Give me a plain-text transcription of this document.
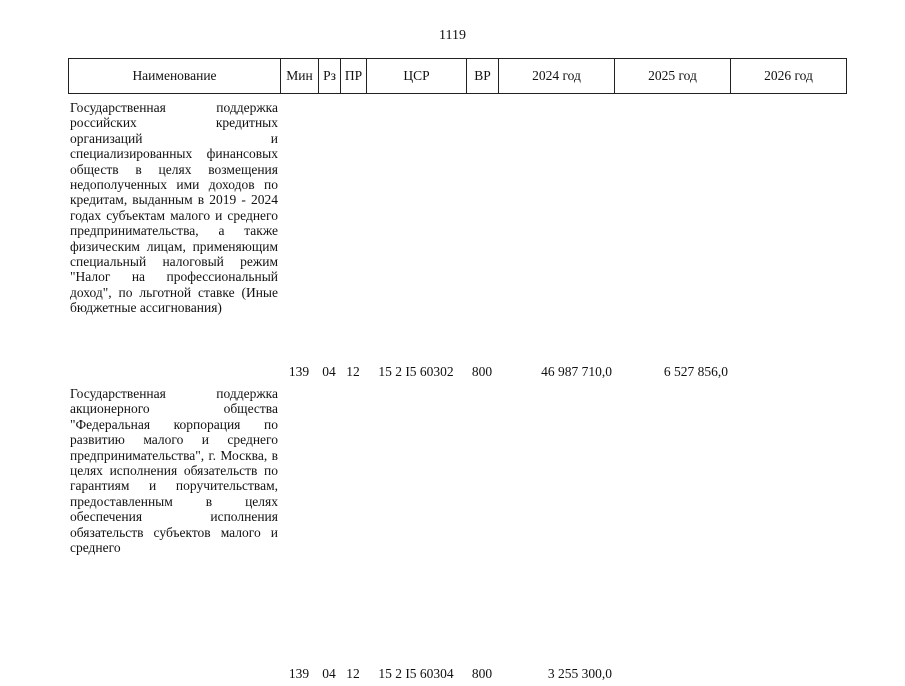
1119
Наименование	Мин	Рз	ПР	ЦСР	ВР	2024 год	2025 год	2026 год
Государственная поддержка российских кредитных организаций и специализированных финансовых обществ в целях возмещения недополученных ими доходов по кредитам, выданным в 2019 - 2024 годах субъектам малого и среднего предпринимательства, а также физическим лицам, применяющим специальный налоговый режим "Налог на профессиональный доход", по льготной ставке (Иные бюджетные ассигнования)	139	04	12	15 2 I5 60302	800	46 987 710,0	6 527 856,0	
Государственная поддержка акционерного общества "Федеральная корпорация по развитию малого и среднего предпринимательства", г. Москва, в целях исполнения обязательств по гарантиям и поручительствам, предоставленным в целях обеспечения исполнения обязательств субъектов малого и среднего	139	04	12	15 2 I5 60304	800	3 255 300,0		
